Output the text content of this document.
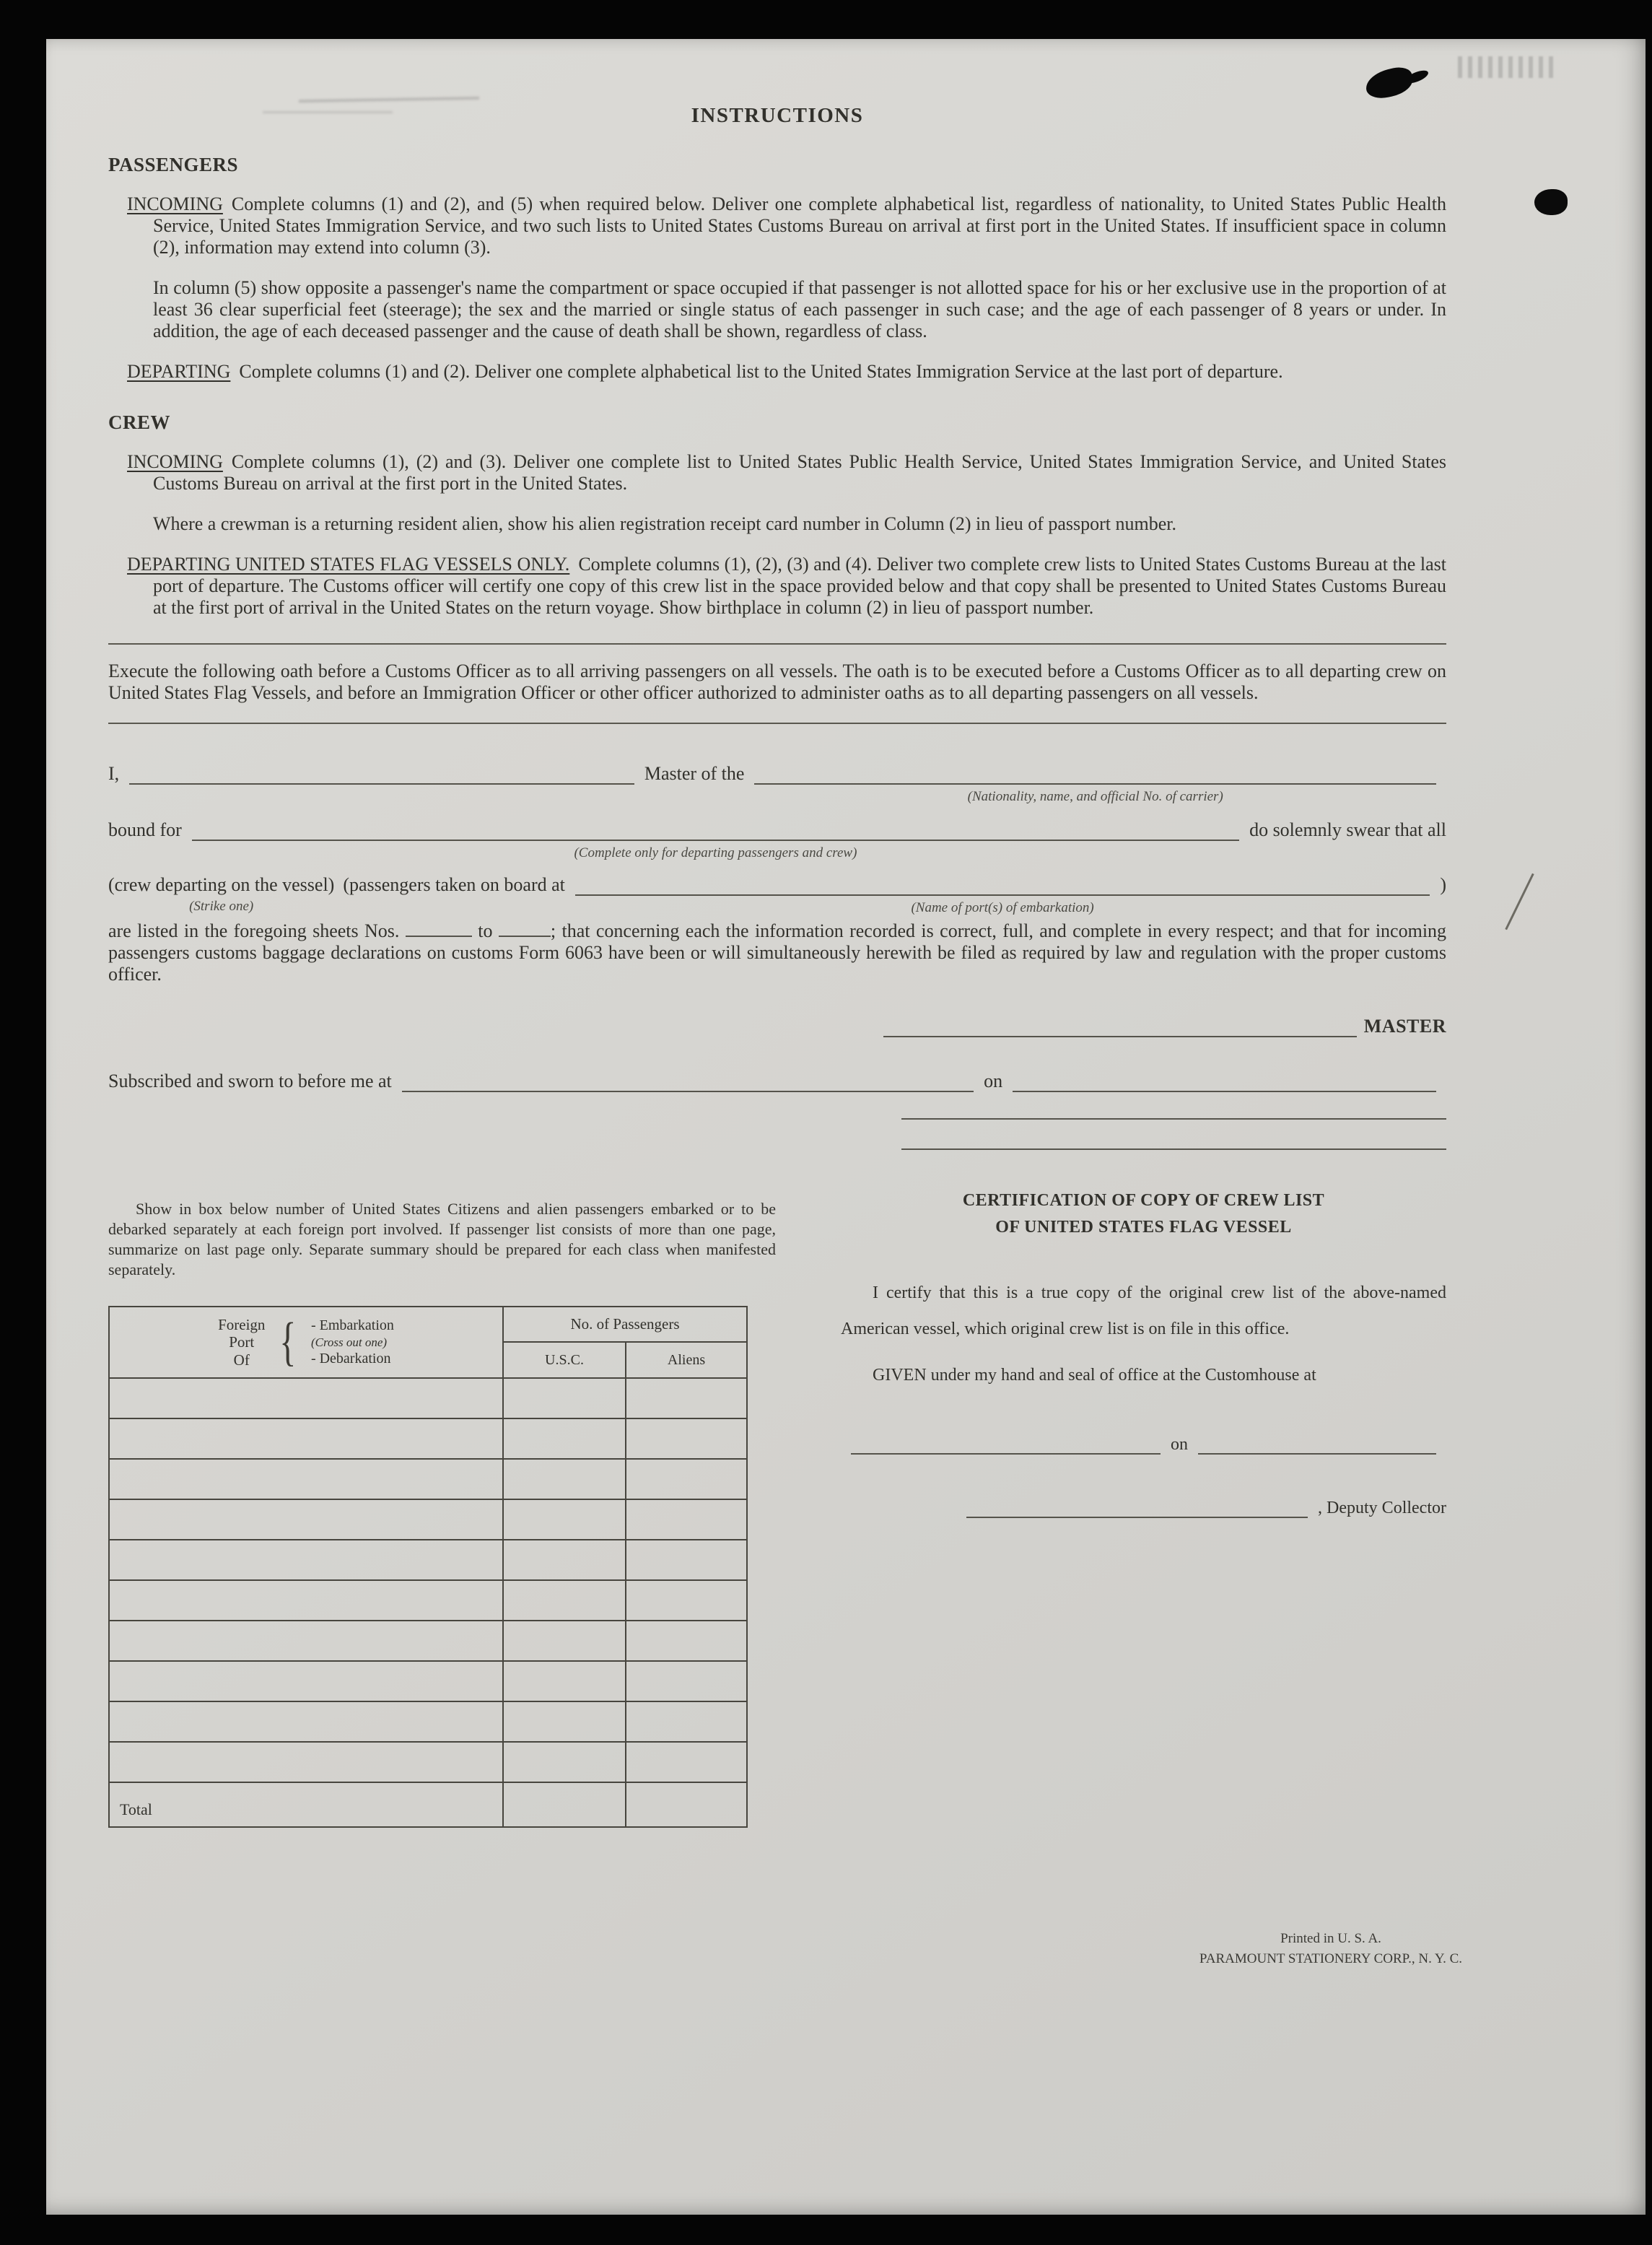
INSTRUCTIONS
PASSENGERS

INCOMING Complete columns (1) and (2), and (5) when required below. Deliver one complete alphabetical list, regardless of nationality, to United States Public Health Service, United States Immigration Service, and two such lists to United States Customs Bureau on arrival at first port in the United States. If insufficient space in column (2), information may extend into column (3).

In column (5) show opposite a passenger's name the compartment or space occupied if that passenger is not allotted space for his or her exclusive use in the proportion of at least 36 clear superficial feet (steerage); the sex and the married or single status of each passenger in such case; and the age of each passenger of 8 years or under. In addition, the age of each deceased passenger and the cause of death shall be shown, regardless of class.

DEPARTING Complete columns (1) and (2). Deliver one complete alphabetical list to the United States Immigration Service at the last port of departure.

CREW

INCOMING Complete columns (1), (2) and (3). Deliver one complete list to United States Public Health Service, United States Immigration Service, and United States Customs Bureau on arrival at the first port in the United States.

Where a crewman is a returning resident alien, show his alien registration receipt card number in Column (2) in lieu of passport number.

DEPARTING UNITED STATES FLAG VESSELS ONLY. Complete columns (1), (2), (3) and (4). Deliver two complete crew lists to United States Customs Bureau at the last port of departure. The Customs officer will certify one copy of this crew list in the space provided below and that copy shall be presented to United States Customs Bureau at the first port of arrival in the United States on the return voyage. Show birthplace in column (2) in lieu of passport number.

Execute the following oath before a Customs Officer as to all arriving passengers on all vessels. The oath is to be executed before a Customs Officer as to all departing crew on United States Flag Vessels, and before an Immigration Officer or other officer authorized to administer oaths as to all departing passengers on all vessels.

I,	Master of the
(Nationality, name, and official No. of carrier)
bound for
(Complete only for departing passengers and crew)
do solemnly swear that all
(crew departing on the vessel)
(Strike one)
(passengers taken on board at
(Name of port(s) of embarkation)
)

are listed in the foregoing sheets Nos.	to	; that concerning each the information recorded is correct, full, and complete in every respect; and that for incoming passengers customs baggage declarations on customs Form 6063 have been or will simultaneously herewith be filed as required by law and regulation with the proper customs officer.

MASTER
Subscribed and sworn to before me at	on

Show in box below number of United States Citizens and alien passengers embarked or to be debarked separately at each foreign port involved. If passenger list consists of more than one page, summarize on last page only. Separate summary should be prepared for each class when manifested separately.

Foreign
Port
Of { - Embarkation
(Cross out one)
- Debarkation
	No. of Passengers
	U.S.C.	Aliens

Total		
CERTIFICATION OF COPY OF CREW LIST
OF UNITED STATES FLAG VESSEL

I certify that this is a true copy of the original crew list of the above-named American vessel, which original crew list is on file in this office.

GIVEN under my hand and seal of office at the Customhouse at

on
, Deputy Collector
Printed in U. S. A.
PARAMOUNT STATIONERY CORP., N. Y. C.
